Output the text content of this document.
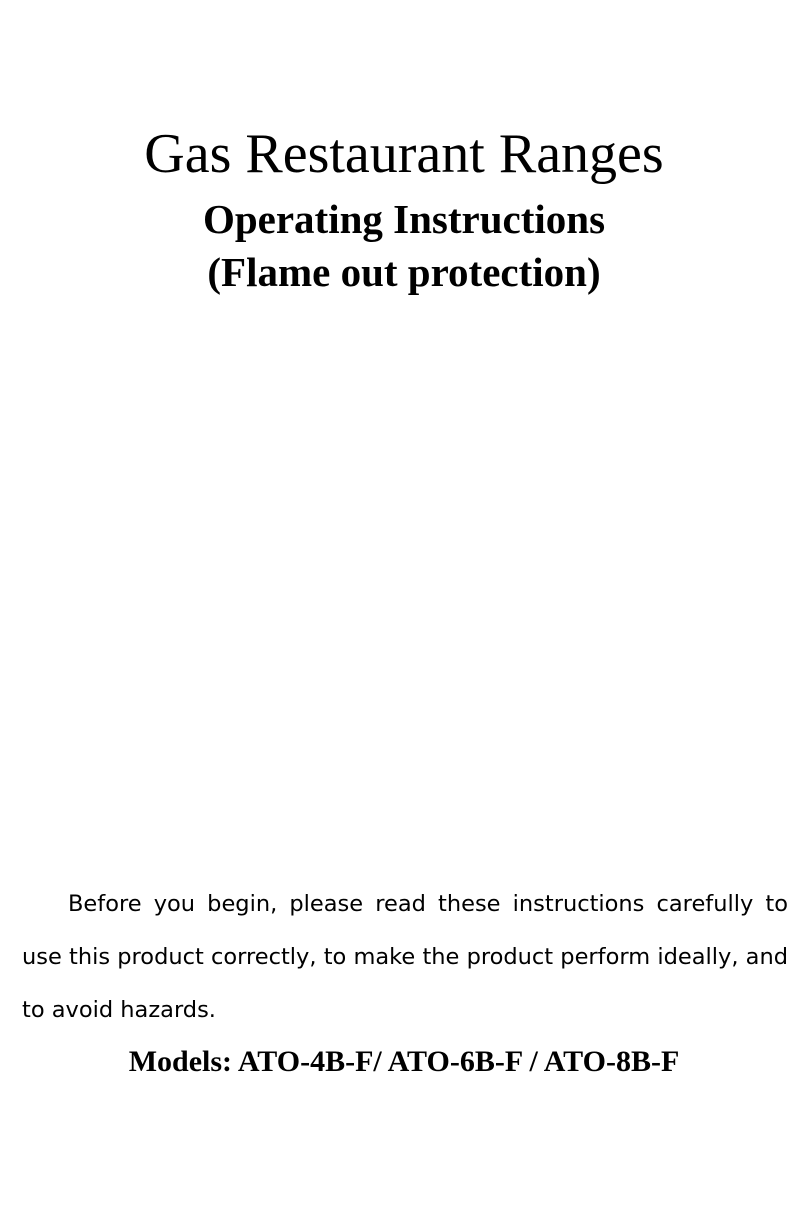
Gas Restaurant Ranges
Operating Instructions
(Flame out protection)

Before you begin, please read these instructions carefully to use this product correctly, to make the product perform ideally, and to avoid hazards.

Models: ATO-4B-F/ ATO-6B-F / ATO-8B-F
